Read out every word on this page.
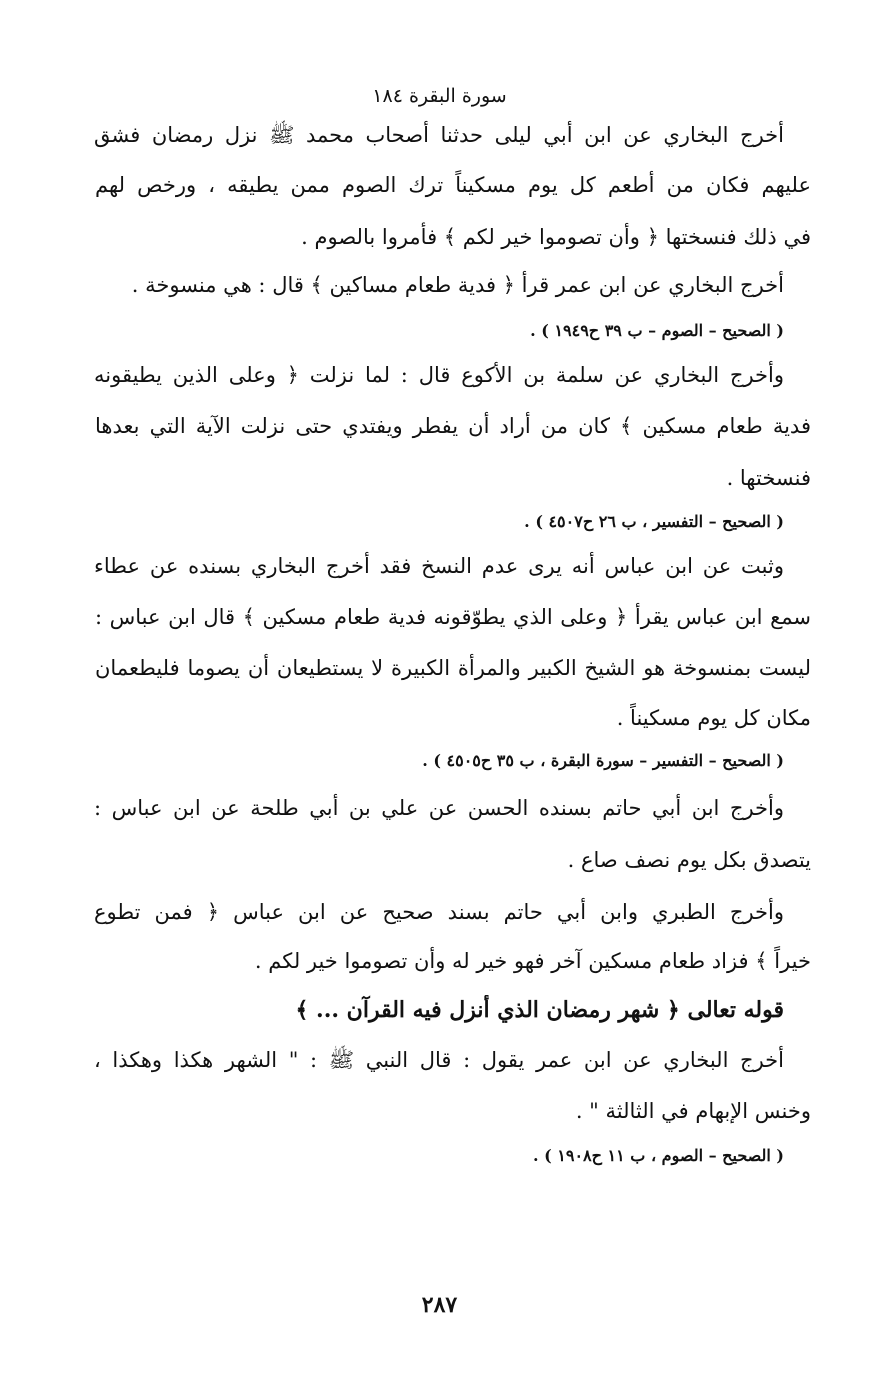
سورة البقرة ١٨٤
أخرج البخاري عن ابن أبي ليلى حدثنا أصحاب محمد ﷺ نزل رمضان فشق
عليهم فكان من أطعم كل يوم مسكيناً ترك الصوم ممن يطيقه ، ورخص لهم
في ذلك فنسختها ﴿ وأن تصوموا خير لكم ﴾ فأمروا بالصوم .
أخرج البخاري عن ابن عمر قرأ ﴿ فدية طعام مساكين ﴾ قال : هي منسوخة .
( الصحيح – الصوم – ب ٣٩ ح١٩٤٩ ) .
وأخرج البخاري عن سلمة بن الأكوع قال : لما نزلت ﴿ وعلى الذين يطيقونه
فدية طعام مسكين ﴾ كان من أراد أن يفطر ويفتدي حتى نزلت الآية التي بعدها
فنسختها .
( الصحيح – التفسير ، ب ٢٦ ح٤٥٠٧ ) .
وثبت عن ابن عباس أنه يرى عدم النسخ فقد أخرج البخاري بسنده عن عطاء
سمع ابن عباس يقرأ ﴿ وعلى الذي يطوّقونه فدية طعام مسكين ﴾ قال ابن عباس :
ليست بمنسوخة هو الشيخ الكبير والمرأة الكبيرة لا يستطيعان أن يصوما فليطعمان
مكان كل يوم مسكيناً .
( الصحيح – التفسير – سورة البقرة ، ب ٣٥ ح٤٥٠٥ ) .
وأخرج ابن أبي حاتم بسنده الحسن عن علي بن أبي طلحة عن ابن عباس :
يتصدق بكل يوم نصف صاع .
وأخرج الطبري وابن أبي حاتم بسند صحيح عن ابن عباس ﴿ فمن تطوع
خيراً ﴾ فزاد طعام مسكين آخر فهو خير له وأن تصوموا خير لكم .
قوله تعالى ﴿ شهر رمضان الذي أنزل فيه القرآن ... ﴾
أخرج البخاري عن ابن عمر يقول : قال النبي ﷺ : " الشهر هكذا وهكذا ،
وخنس الإبهام في الثالثة " .
( الصحيح – الصوم ، ب ١١ ح١٩٠٨ ) .
٢٨٧
